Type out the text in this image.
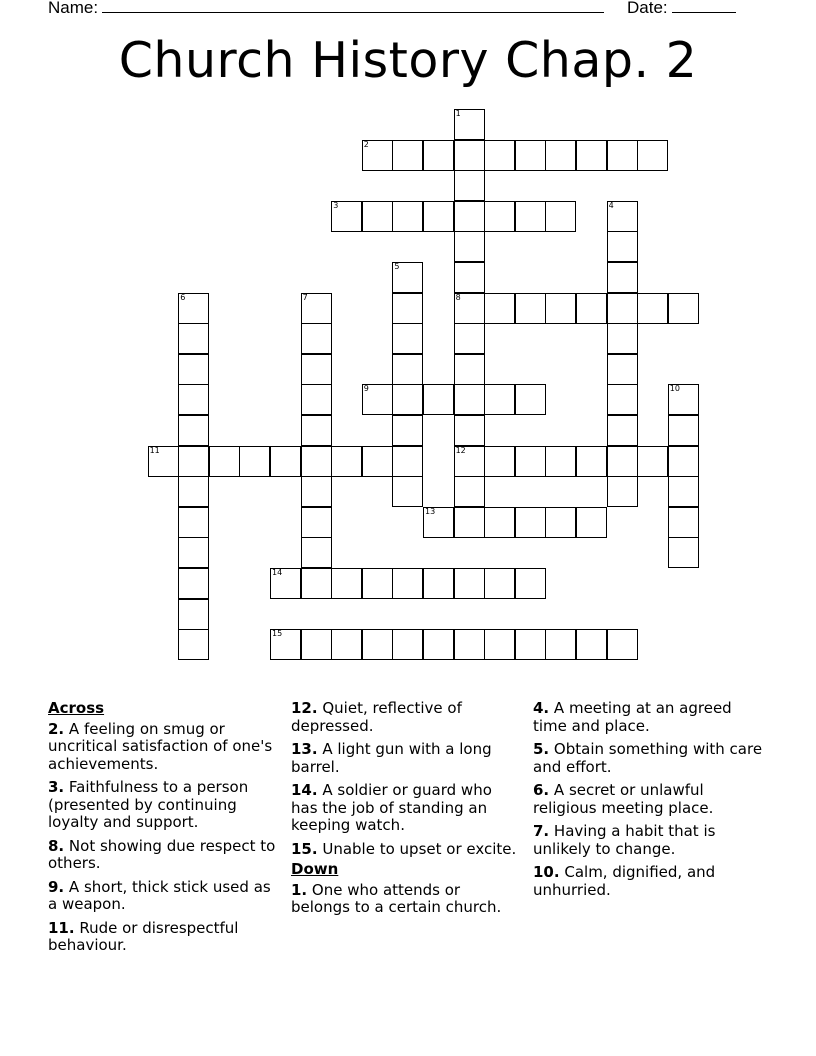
Name:	Date:
Church History Chap. 2
1
8
12
2
3	4
5
6	7
9	10
11
13
14
15
Across
2. A feeling on smug or uncritical satisfaction of one's achievements.
3. Faithfulness to a person (presented by continuing loyalty and support.
8. Not showing due respect to others.
9. A short, thick stick used as a weapon.
11. Rude or disrespectful behaviour.
12. Quiet, reflective of depressed.
13. A light gun with a long barrel.
14. A soldier or guard who has the job of standing an keeping watch.
15. Unable to upset or excite.
Down
1. One who attends or belongs to a certain church.
4. A meeting at an agreed time and place.
5. Obtain something with care and effort.
6. A secret or unlawful religious meeting place.
7. Having a habit that is unlikely to change.
10. Calm, dignified, and unhurried.
